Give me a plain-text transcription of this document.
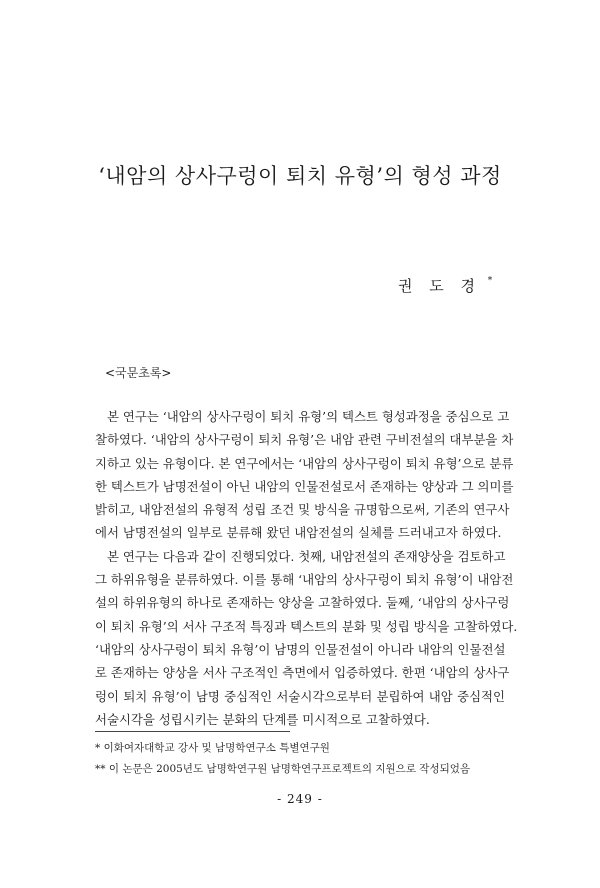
‘내암의 상사구렁이 퇴치 유형’의 형성 과정
권 도 경 *
<국문초록>
본 연구는 ‘내암의 상사구렁이 퇴치 유형’의 텍스트 형성과정을 중심으로 고
찰하였다. ‘내암의 상사구렁이 퇴치 유형’은 내암 관련 구비전설의 대부분을 차
지하고 있는 유형이다. 본 연구에서는 ‘내암의 상사구렁이 퇴치 유형’으로 분류
한 텍스트가 남명전설이 아닌 내암의 인물전설로서 존재하는 양상과 그 의미를
밝히고, 내암전설의 유형적 성립 조건 및 방식을 규명함으로써, 기존의 연구사
에서 남명전설의 일부로 분류해 왔던 내암전설의 실체를 드러내고자 하였다.
본 연구는 다음과 같이 진행되었다. 첫째, 내암전설의 존재양상을 검토하고
그 하위유형을 분류하였다. 이를 통해 ‘내암의 상사구렁이 퇴치 유형’이 내암전
설의 하위유형의 하나로 존재하는 양상을 고찰하였다. 둘째, ‘내암의 상사구렁
이 퇴치 유형’의 서사 구조적 특징과 텍스트의 분화 및 성립 방식을 고찰하였다.
‘내암의 상사구렁이 퇴치 유형’이 남명의 인물전설이 아니라 내암의 인물전설
로 존재하는 양상을 서사 구조적인 측면에서 입증하였다. 한편 ‘내암의 상사구
렁이 퇴치 유형’이 남명 중심적인 서술시각으로부터 분립하여 내암 중심적인
서술시각을 성립시키는 분화의 단계를 미시적으로 고찰하였다.
* 이화여자대학교 강사 및 남명학연구소 특별연구원
** 이 논문은 2005년도 남명학연구원 남명학연구프로젝트의 지원으로 작성되었음
- 249 -
